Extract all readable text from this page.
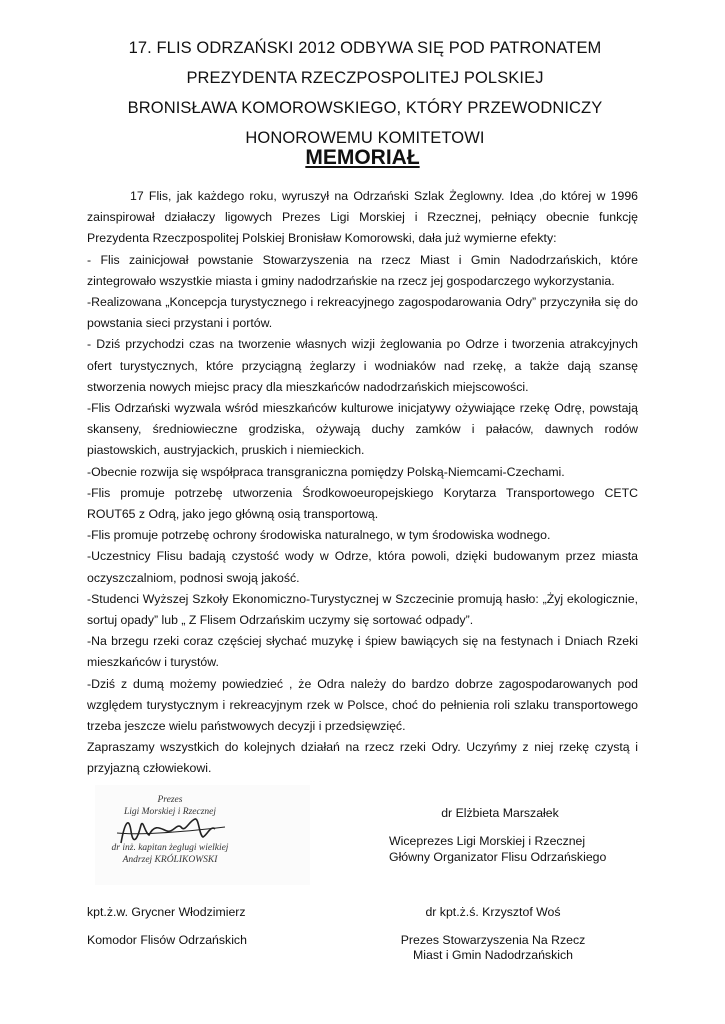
17. FLIS ODRZAŃSKI 2012 ODBYWA SIĘ POD PATRONATEM
PREZYDENTA RZECZPOSPOLITEJ POLSKIEJ
BRONISŁAWA KOMOROWSKIEGO, KTÓRY PRZEWODNICZY
HONOROWEMU KOMITETOWI
MEMORIAŁ

17 Flis, jak każdego roku, wyruszył na Odrzański Szlak Żeglowny. Idea ,do której w 1996 zainspirował działaczy ligowych Prezes Ligi Morskiej i Rzecznej, pełniący obecnie funkcję Prezydenta Rzeczpospolitej Polskiej Bronisław Komorowski, dała już wymierne efekty:

- Flis zainicjował powstanie Stowarzyszenia na rzecz Miast i Gmin Nadodrzańskich, które zintegrowało wszystkie miasta i gminy nadodrzańskie na rzecz jej gospodarczego wykorzystania.

-Realizowana „Koncepcja turystycznego i rekreacyjnego zagospodarowania Odry” przyczyniła się do powstania sieci przystani i portów.

- Dziś przychodzi czas na tworzenie własnych wizji żeglowania po Odrze i tworzenia atrakcyjnych ofert turystycznych, które przyciągną żeglarzy i wodniaków nad rzekę, a także dają szansę stworzenia nowych miejsc pracy dla mieszkańców nadodrzańskich miejscowości.

-Flis Odrzański wyzwala wśród mieszkańców kulturowe inicjatywy ożywiające rzekę Odrę, powstają skanseny, średniowieczne grodziska, ożywają duchy zamków i pałaców, dawnych rodów piastowskich, austryjackich, pruskich i niemieckich.

-Obecnie rozwija się współpraca transgraniczna pomiędzy Polską-Niemcami-Czechami.

-Flis promuje potrzebę utworzenia Środkowoeuropejskiego Korytarza Transportowego CETC ROUT65 z Odrą, jako jego główną osią transportową.

-Flis promuje potrzebę ochrony środowiska naturalnego, w tym środowiska wodnego.

-Uczestnicy Flisu badają czystość wody w Odrze, która powoli, dzięki budowanym przez miasta oczyszczalniom, podnosi swoją jakość.

-Studenci Wyższej Szkoły Ekonomiczno-Turystycznej w Szczecinie promują hasło: „Żyj ekologicznie, sortuj opady” lub „ Z Flisem Odrzańskim uczymy się sortować odpady”.

-Na brzegu rzeki coraz częściej słychać muzykę i śpiew bawiących się na festynach i Dniach Rzeki mieszkańców i turystów.

-Dziś z dumą możemy powiedzieć , że Odra należy do bardzo dobrze zagospodarowanych pod względem turystycznym i rekreacyjnym rzek w Polsce, choć do pełnienia roli szlaku transportowego trzeba jeszcze wielu państwowych decyzji i przedsięwzięć.

Zapraszamy wszystkich do kolejnych działań na rzecz rzeki Odry. Uczyńmy z niej rzekę czystą i przyjazną człowiekowi.

Prezes
Ligi Morskiej i Rzecznej
dr inż. kapitan żeglugi wielkiej
Andrzej KRÓLIKOWSKI
dr Elżbieta Marszałek
Wiceprezes Ligi Morskiej i Rzecznej
Główny Organizator Flisu Odrzańskiego
kpt.ż.w. Grycner Włodzimierz
Komodor Flisów Odrzańskich
dr kpt.ż.ś. Krzysztof Woś
Prezes Stowarzyszenia Na Rzecz
Miast i Gmin Nadodrzańskich
